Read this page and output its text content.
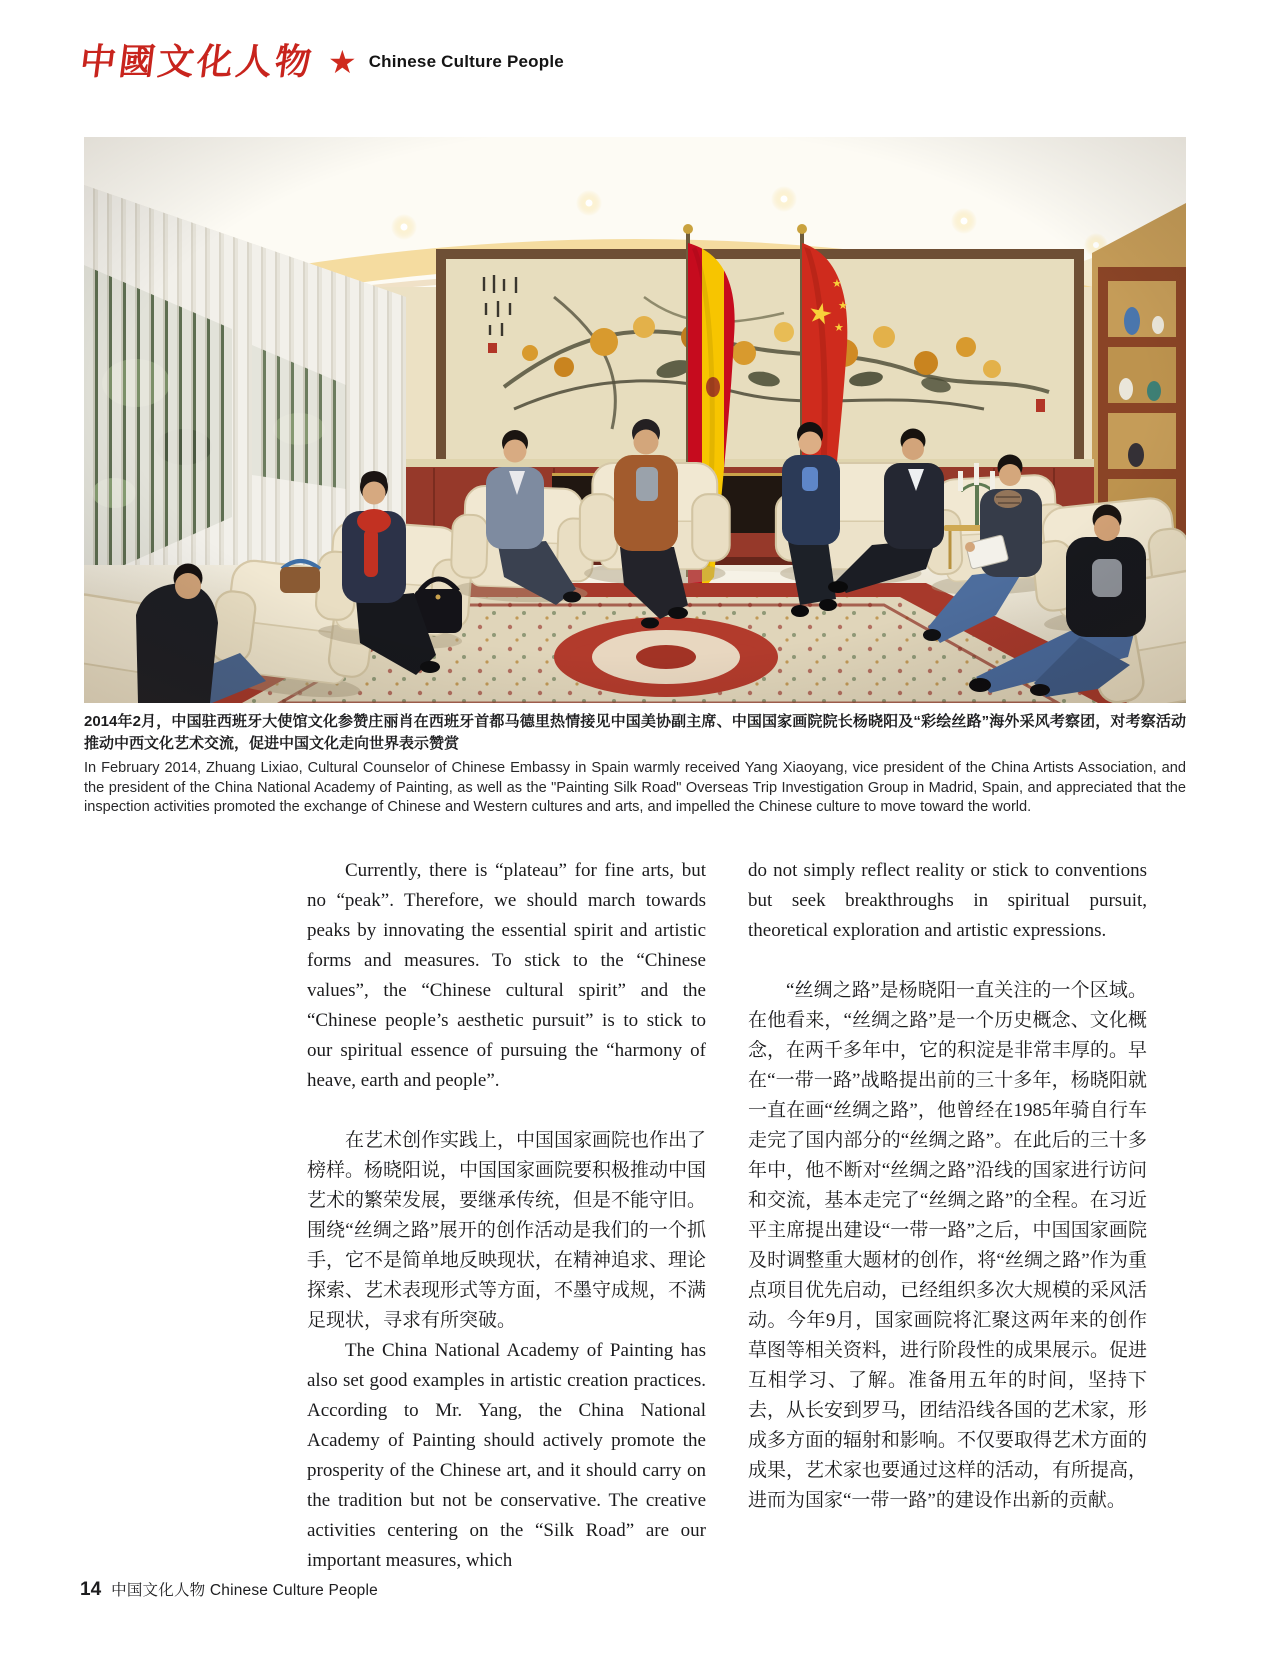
中國文化人物 ★ Chinese Culture People
2014年2月，中国驻西班牙大使馆文化参赞庄丽肖在西班牙首都马德里热情接见中国美协副主席、中国国家画院院长杨晓阳及“彩绘丝路”海外采风考察团，对考察活动推动中西文化艺术交流，促进中国文化走向世界表示赞赏
In February 2014, Zhuang Lixiao, Cultural Counselor of Chinese Embassy in Spain warmly received Yang Xiaoyang, vice president of the China Artists Association, and the president of the China National Academy of Painting, as well as the "Painting Silk Road" Overseas Trip Investigation Group in Madrid, Spain, and appreciated that the inspection activities promoted the exchange of Chinese and Western cultures and arts, and impelled the Chinese culture to move toward the world.

Currently, there is “plateau” for fine arts, but no “peak”. Therefore, we should march towards peaks by innovating the essential spirit and artistic forms and measures. To stick to the “Chinese values”, the “Chinese cultural spirit” and the “Chinese people’s aesthetic pursuit” is to stick to our spiritual essence of pursuing the “harmony of heave, earth and people”.

在艺术创作实践上，中国国家画院也作出了榜样。杨晓阳说，中国国家画院要积极推动中国艺术的繁荣发展，要继承传统，但是不能守旧。围绕“丝绸之路”展开的创作活动是我们的一个抓手，它不是简单地反映现状，在精神追求、理论探索、艺术表现形式等方面，不墨守成规，不满足现状，寻求有所突破。

The China National Academy of Painting has also set good examples in artistic creation practices. According to Mr. Yang, the China National Academy of Painting should actively promote the prosperity of the Chinese art, and it should carry on the tradition but not be conservative. The creative activities centering on the “Silk Road” are our important measures, which

do not simply reflect reality or stick to conventions but seek breakthroughs in spiritual pursuit, theoretical exploration and artistic expressions.

“丝绸之路”是杨晓阳一直关注的一个区域。在他看来，“丝绸之路”是一个历史概念、文化概念，在两千多年中，它的积淀是非常丰厚的。早在“一带一路”战略提出前的三十多年，杨晓阳就一直在画“丝绸之路”，他曾经在1985年骑自行车走完了国内部分的“丝绸之路”。在此后的三十多年中，他不断对“丝绸之路”沿线的国家进行访问和交流，基本走完了“丝绸之路”的全程。在习近平主席提出建设“一带一路”之后，中国国家画院及时调整重大题材的创作，将“丝绸之路”作为重点项目优先启动，已经组织多次大规模的采风活动。今年9月，国家画院将汇聚这两年来的创作草图等相关资料，进行阶段性的成果展示。促进互相学习、了解。准备用五年的时间，坚持下去，从长安到罗马，团结沿线各国的艺术家，形成多方面的辐射和影响。不仅要取得艺术方面的成果，艺术家也要通过这样的活动，有所提高，进而为国家“一带一路”的建设作出新的贡献。

14 中国文化人物 Chinese Culture People
